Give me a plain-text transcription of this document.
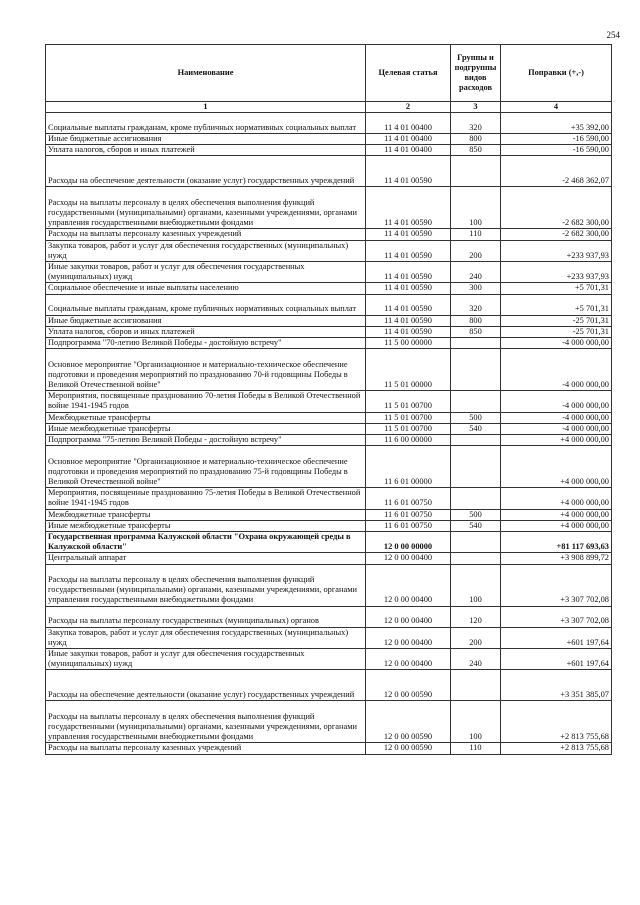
254
Наименование	Целевая статья	Группы и подгруппы видов расходов	Поправки (+,-)
1	2	3	4
Социальные выплаты гражданам, кроме публичных нормативных социальных выплат	11 4 01 00400	320	+35 392,00
Иные бюджетные ассигнования	11 4 01 00400	800	-16 590,00
Уплата налогов, сборов и иных платежей	11 4 01 00400	850	-16 590,00
Расходы на обеспечение деятельности (оказание услуг) государственных учреждений	11 4 01 00590		-2 468 362,07
Расходы на выплаты персоналу в целях обеспечения выполнения функций государственными (муниципальными) органами, казенными учреждениями, органами управления государственными внебюджетными фондами	11 4 01 00590	100	-2 682 300,00
Расходы на выплаты персоналу казенных учреждений	11 4 01 00590	110	-2 682 300,00
Закупка товаров, работ и услуг для обеспечения государственных (муниципальных) нужд	11 4 01 00590	200	+233 937,93
Иные закупки товаров, работ и услуг для обеспечения государственных (муниципальных) нужд	11 4 01 00590	240	+233 937,93
Социальное обеспечение и иные выплаты населению	11 4 01 00590	300	+5 701,31
Социальные выплаты гражданам, кроме публичных нормативных социальных выплат	11 4 01 00590	320	+5 701,31
Иные бюджетные ассигнования	11 4 01 00590	800	-25 701,31
Уплата налогов, сборов и иных платежей	11 4 01 00590	850	-25 701,31
Подпрограмма "70-летию Великой Победы - достойную встречу"	11 5 00 00000		-4 000 000,00
Основное мероприятие "Организационное и материально-техническое обеспечение подготовки и проведения мероприятий по празднованию 70-й годовщины Победы в Великой Отечественной войне"	11 5 01 00000		-4 000 000,00
Мероприятия, посвященные празднованию 70-летия Победы в Великой Отечественной войне 1941-1945 годов	11 5 01 00700		-4 000 000,00
Межбюджетные трансферты	11 5 01 00700	500	-4 000 000,00
Иные межбюджетные трансферты	11 5 01 00700	540	-4 000 000,00
Подпрограмма "75-летию Великой Победы - достойную встречу"	11 6 00 00000		+4 000 000,00
Основное мероприятие "Организационное и материально-техническое обеспечение подготовки и проведения мероприятий по празднованию 75-й годовщины Победы в Великой Отечественной войне"	11 6 01 00000		+4 000 000,00
Мероприятия, посвященные празднованию 75-летия Победы в Великой Отечественной войне 1941-1945 годов	11 6 01 00750		+4 000 000,00
Межбюджетные трансферты	11 6 01 00750	500	+4 000 000,00
Иные межбюджетные трансферты	11 6 01 00750	540	+4 000 000,00
Государственная программа Калужской области "Охрана окружающей среды в Калужской области"	12 0 00 00000		+81 117 693,63
Центральный аппарат	12 0 00 00400		+3 908 899,72
Расходы на выплаты персоналу в целях обеспечения выполнения функций государственными (муниципальными) органами, казенными учреждениями, органами управления государственными внебюджетными фондами	12 0 00 00400	100	+3 307 702,08
Расходы на выплаты персоналу государственных (муниципальных) органов	12 0 00 00400	120	+3 307 702,08
Закупка товаров, работ и услуг для обеспечения государственных (муниципальных) нужд	12 0 00 00400	200	+601 197,64
Иные закупки товаров, работ и услуг для обеспечения государственных (муниципальных) нужд	12 0 00 00400	240	+601 197,64
Расходы на обеспечение деятельности (оказание услуг) государственных учреждений	12 0 00 00590		+3 351 385,07
Расходы на выплаты персоналу в целях обеспечения выполнения функций государственными (муниципальными) органами, казенными учреждениями, органами управления государственными внебюджетными фондами	12 0 00 00590	100	+2 813 755,68
Расходы на выплаты персоналу казенных учреждений	12 0 00 00590	110	+2 813 755,68
